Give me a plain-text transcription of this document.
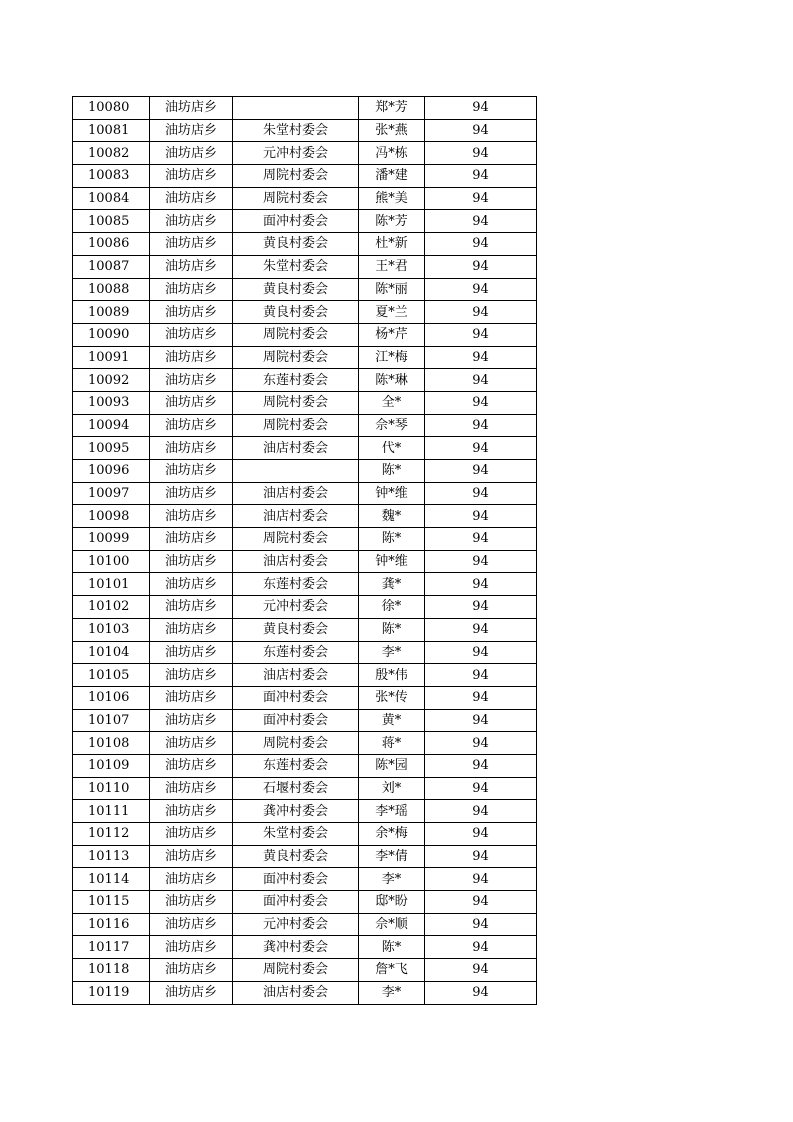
10080	油坊店乡		郑*芳	94
10081	油坊店乡	朱堂村委会	张*燕	94
10082	油坊店乡	元冲村委会	冯*栋	94
10083	油坊店乡	周院村委会	潘*建	94
10084	油坊店乡	周院村委会	熊*美	94
10085	油坊店乡	面冲村委会	陈*芳	94
10086	油坊店乡	黄良村委会	杜*新	94
10087	油坊店乡	朱堂村委会	王*君	94
10088	油坊店乡	黄良村委会	陈*丽	94
10089	油坊店乡	黄良村委会	夏*兰	94
10090	油坊店乡	周院村委会	杨*芹	94
10091	油坊店乡	周院村委会	江*梅	94
10092	油坊店乡	东莲村委会	陈*琳	94
10093	油坊店乡	周院村委会	全*	94
10094	油坊店乡	周院村委会	佘*琴	94
10095	油坊店乡	油店村委会	代*	94
10096	油坊店乡		陈*	94
10097	油坊店乡	油店村委会	钟*维	94
10098	油坊店乡	油店村委会	魏*	94
10099	油坊店乡	周院村委会	陈*	94
10100	油坊店乡	油店村委会	钟*维	94
10101	油坊店乡	东莲村委会	龚*	94
10102	油坊店乡	元冲村委会	徐*	94
10103	油坊店乡	黄良村委会	陈*	94
10104	油坊店乡	东莲村委会	李*	94
10105	油坊店乡	油店村委会	殷*伟	94
10106	油坊店乡	面冲村委会	张*传	94
10107	油坊店乡	面冲村委会	黄*	94
10108	油坊店乡	周院村委会	蒋*	94
10109	油坊店乡	东莲村委会	陈*园	94
10110	油坊店乡	石堰村委会	刘*	94
10111	油坊店乡	龚冲村委会	李*瑶	94
10112	油坊店乡	朱堂村委会	余*梅	94
10113	油坊店乡	黄良村委会	李*倩	94
10114	油坊店乡	面冲村委会	李*	94
10115	油坊店乡	面冲村委会	邸*盼	94
10116	油坊店乡	元冲村委会	佘*顺	94
10117	油坊店乡	龚冲村委会	陈*	94
10118	油坊店乡	周院村委会	詹*飞	94
10119	油坊店乡	油店村委会	李*	94
